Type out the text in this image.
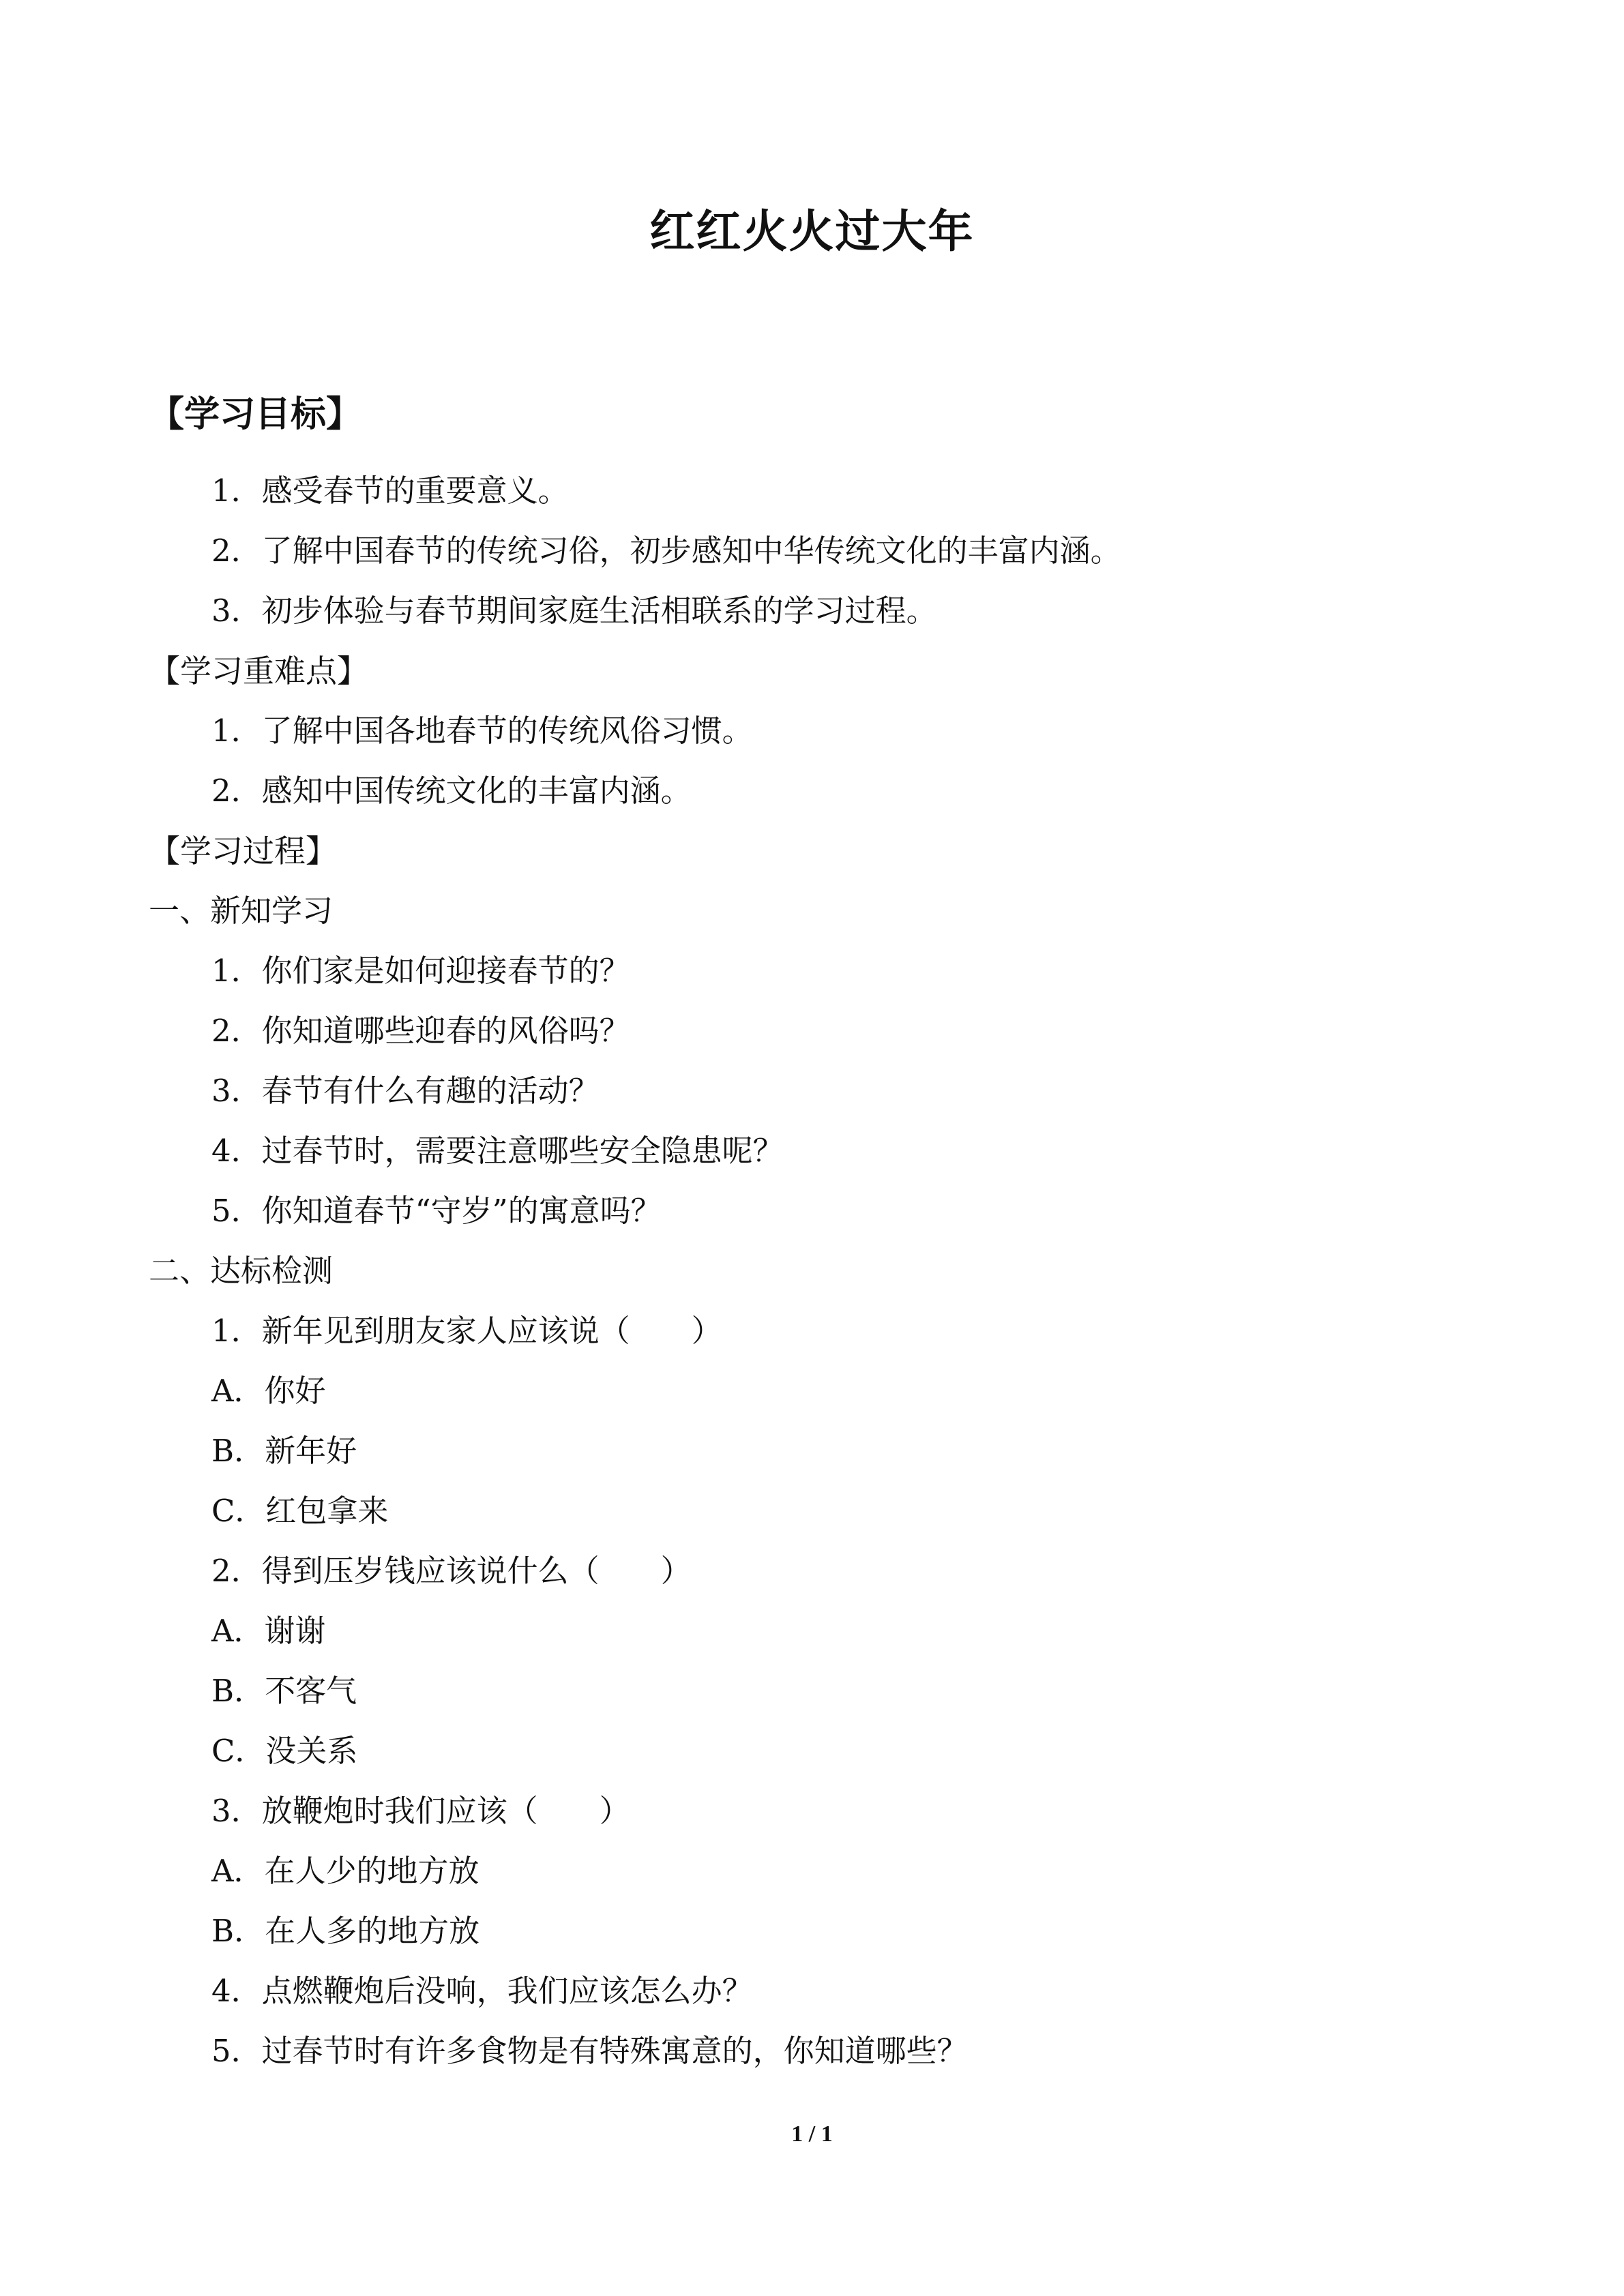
红红火火过大年
【学习目标】
1．感受春节的重要意义。
2．了解中国春节的传统习俗，初步感知中华传统文化的丰富内涵。
3．初步体验与春节期间家庭生活相联系的学习过程。
【学习重难点】
1．了解中国各地春节的传统风俗习惯。
2．感知中国传统文化的丰富内涵。
【学习过程】
一、新知学习
1．你们家是如何迎接春节的？
2．你知道哪些迎春的风俗吗？
3．春节有什么有趣的活动？
4．过春节时，需要注意哪些安全隐患呢？
5．你知道春节“守岁”的寓意吗？
二、达标检测
1．新年见到朋友家人应该说（　　）
A．你好
B．新年好
C．红包拿来
2．得到压岁钱应该说什么（　　）
A．谢谢
B．不客气
C．没关系
3．放鞭炮时我们应该（　　）
A．在人少的地方放
B．在人多的地方放
4．点燃鞭炮后没响，我们应该怎么办？
5．过春节时有许多食物是有特殊寓意的，你知道哪些？
1 / 1
